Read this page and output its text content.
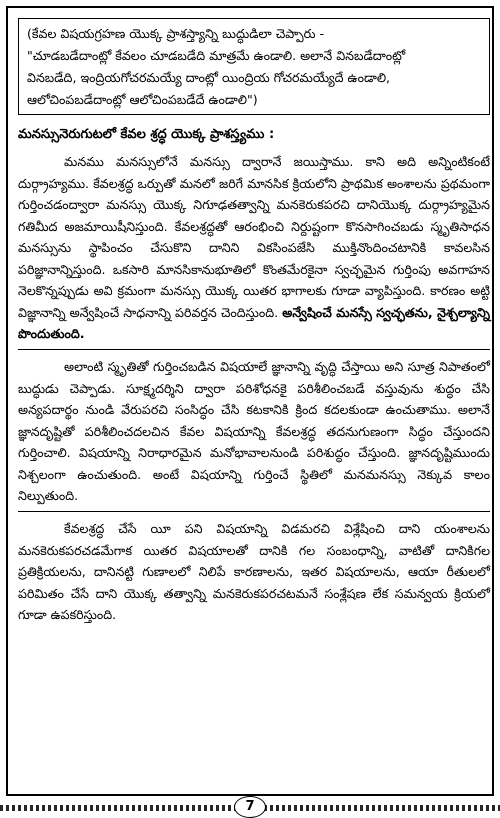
(కేవల విషయగ్రహణ యొక్క ప్రాశస్త్యాన్ని బుద్ధుడిలా చెప్పారు -

"చూడబడేదాంట్లో కేవలం చూడబడేది మాత్రమే ఉండాలి. అలానే వినబడేదాంట్లో

వినబడేది, ఇంద్రియగోచరమయ్యే దాంట్లో యింద్రియ గోచరమయ్యేదే ఉండాలి,

ఆలోచింపబడేదాంట్లో ఆలోచింపబడేదే ఉండాలి")

మనస్సునెరుగుటలో కేవల శ్రద్ధ యొక్క ప్రాశస్త్యము :

మనము మనస్సులోనే మనస్సు ద్వారానే జయిస్తాము. కాని అది అన్నింటికంటే దుర్గ్రాహ్యము. కేవలశ్రద్ధ ఒర్పుతో మనలో జరిగే మానసిక క్రియలోని ప్రాథమిక అంశాలను ప్రథమంగా గుర్తించడంద్వారా మనస్సు యొక్క నిగూఢతత్వాన్ని మనకెరుకపరచి దానియొక్క దుర్గ్రాహ్యమైన గతిమీద అజమాయిషీనిస్తుంది. కేవలశ్రద్ధతో ఆరంభించి నిర్దుష్టంగా కొనసాగించబడు స్మృతిసాధన మనస్సును స్థాపించం చేసుకొని దానిని వికసింపజేసి ముక్తినొందించటానికి కావలసిన పరిజ్ఞానాన్నిస్తుంది. ఒకసారి మానసికానుభూతిలో కొంతమేరకైనా స్వచ్ఛమైన గుర్తింపు అవగాహన నెలకొన్నప్పుడు అవి క్రమంగా మనస్సు యొక్క యితర భాగాలకు గూడా వ్యాపిస్తుంది. కారణం అట్టి విజ్ఞానాన్ని అన్వేషించే సాధనాన్ని పరివర్తన చెందిస్తుంది. అన్వేషించే మనస్సే స్వచ్ఛతను, నైశ్చల్యాన్ని పొందుతుంది.

అలాంటి స్మృతితో గుర్తించబడిన విషయాలే జ్ఞానాన్ని వృద్ధి చేస్తాయి అని సూత్ర నిపాతంలో బుద్ధుడు చెప్పాడు. సూక్ష్మదర్శిని ద్వారా పరిశోధనకై పరిశీలించబడే వస్తువును శుద్ధం చేసి అన్యపదార్థం నుండి వేరుపరచి సంసిద్ధం చేసి కటకానికి క్రింద కదలకుండా ఉంచుతాము. అలానే జ్ఞానదృష్టితో పరిశీలించదలచిన కేవల విషయాన్ని కేవలశ్రద్ధ తదనుగుణంగా సిద్ధం చేస్తుందని గుర్తించాలి. విషయాన్ని నిరాధారమైన మనోభావాలనుండి పరిశుద్ధం చేస్తుంది. జ్ఞానదృష్టిముందు నిశ్చలంగా ఉంచుతుంది. అంటే విషయాన్ని గుర్తించే స్థితిలో మనమనస్సు నెక్కువ కాలం నిల్పుతుంది.

కేవలశ్రద్ధ చేసే యీ పని విషయాన్ని విడమరచి విశ్లేషించి దాని యంశాలను మనకెరుకపరచడమేగాక యితర విషయాలతో దానికి గల సంబంధాన్ని, వాటితో దానికిగల ప్రతిక్రియలను, దానినట్టి గుణాలలో నిలిపే కారణాలను, ఇతర విషయాలను, ఆయా రీతులలో పరిమితం చేసే దాని యొక్క తత్వాన్ని మనకెరుకపరచటమనే సంశ్లేషణ లేక సమన్వయ క్రియలో గూడా ఉపకరిస్తుంది.

7
